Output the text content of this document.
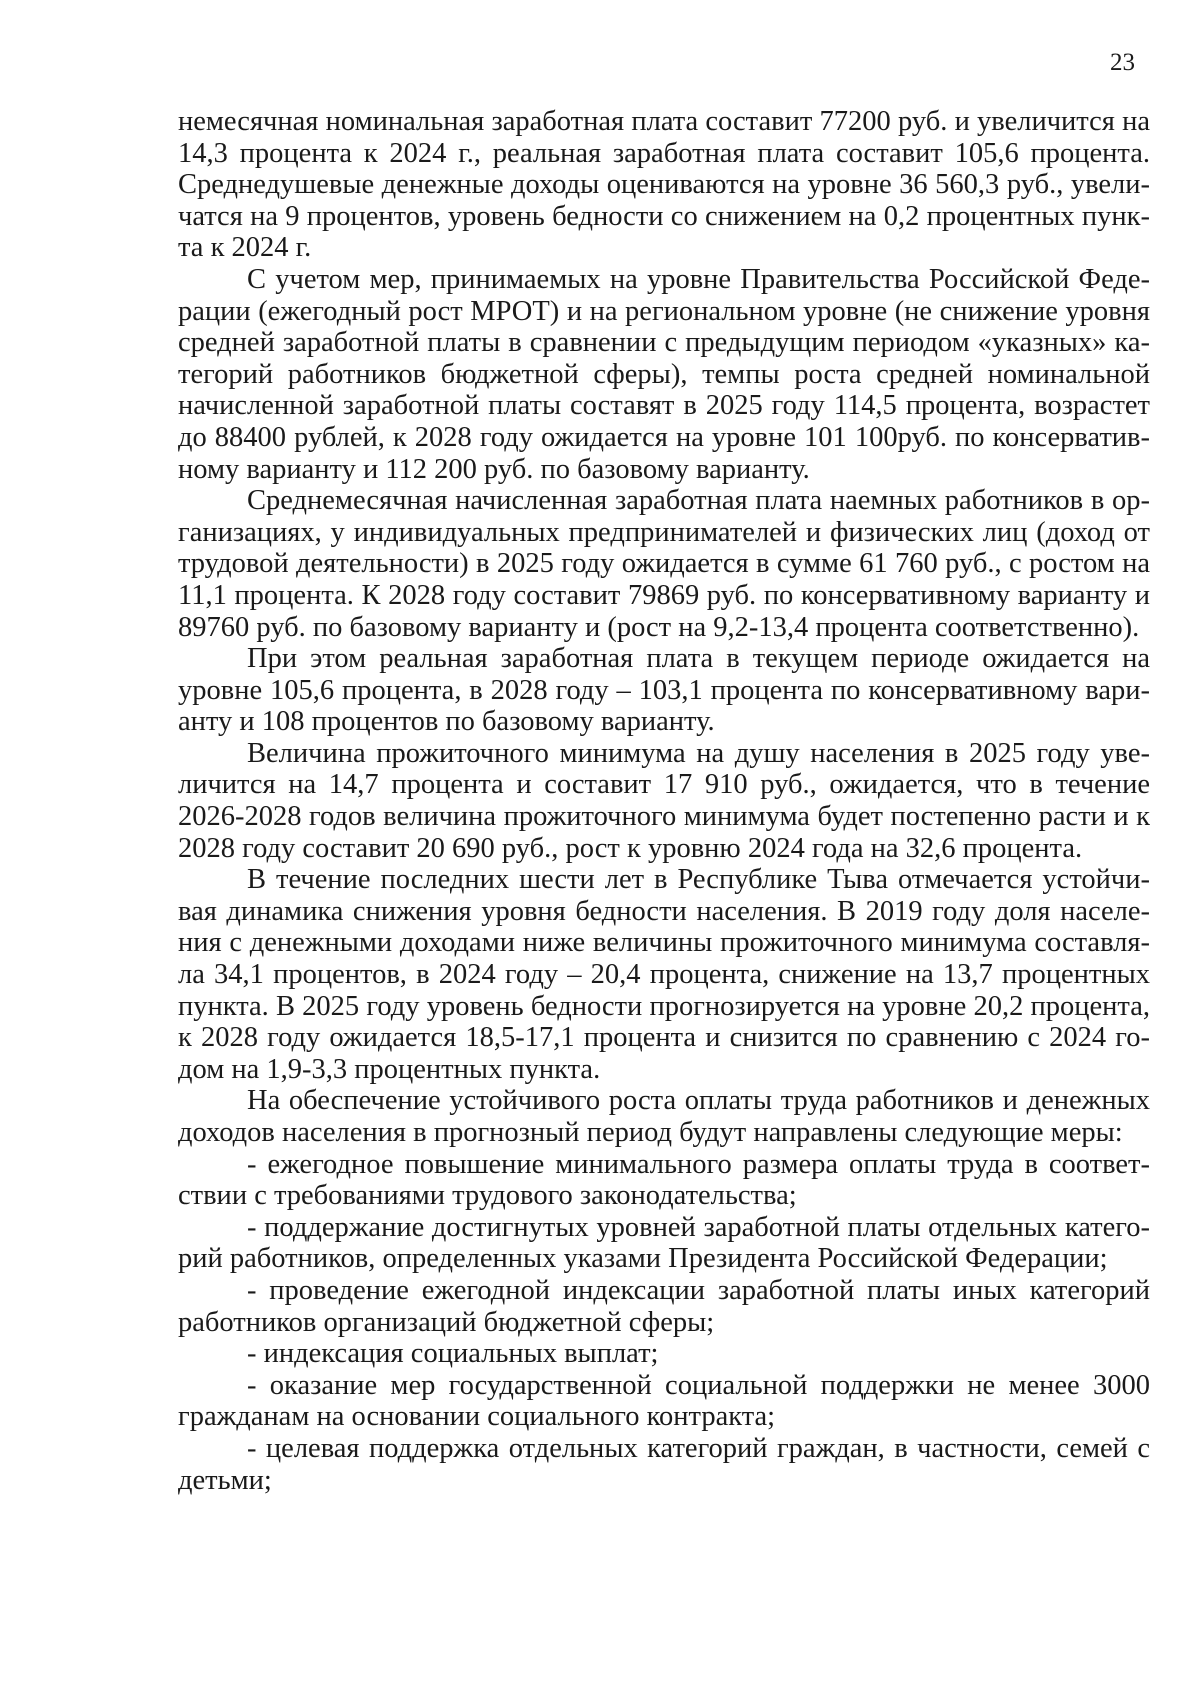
23

немесячная номинальная заработная плата составит 77200 руб. и увеличится на 14,3 процента к 2024 г., реальная заработная плата составит 105,6 процента. Среднедушевые денежные доходы оцениваются на уровне 36 560,3 руб., увеличатся на 9 процентов, уровень бедности со снижением на 0,2 процентных пункта к 2024 г.

С учетом мер, принимаемых на уровне Правительства Российской Федерации (ежегодный рост МРОТ) и на региональном уровне (не снижение уровня средней заработной платы в сравнении с предыдущим периодом «указных» категорий работников бюджетной сферы), темпы роста средней номинальной начисленной заработной платы составят в 2025 году 114,5 процента, возрастет до 88400 рублей, к 2028 году ожидается на уровне 101 100руб. по консервативному варианту и 112 200 руб. по базовому варианту.

Среднемесячная начисленная заработная плата наемных работников в организациях, у индивидуальных предпринимателей и физических лиц (доход от трудовой деятельности) в 2025 году ожидается в сумме 61 760 руб., с ростом на 11,1 процента. К 2028 году составит 79869 руб. по консервативному варианту и 89760 руб. по базовому варианту и (рост на 9,2-13,4 процента соответственно).

При этом реальная заработная плата в текущем периоде ожидается на уровне 105,6 процента, в 2028 году – 103,1 процента по консервативному варианту и 108 процентов по базовому варианту.

Величина прожиточного минимума на душу населения в 2025 году увеличится на 14,7 процента и составит 17 910 руб., ожидается, что в течение 2026-2028 годов величина прожиточного минимума будет постепенно расти и к 2028 году составит 20 690 руб., рост к уровню 2024 года на 32,6 процента.

В течение последних шести лет в Республике Тыва отмечается устойчивая динамика снижения уровня бедности населения. В 2019 году доля населения с денежными доходами ниже величины прожиточного минимума составляла 34,1 процентов, в 2024 году – 20,4 процента, снижение на 13,7 процентных пункта. В 2025 году уровень бедности прогнозируется на уровне 20,2 процента, к 2028 году ожидается 18,5-17,1 процента и снизится по сравнению с 2024 годом на 1,9-3,3 процентных пункта.

На обеспечение устойчивого роста оплаты труда работников и денежных доходов населения в прогнозный период будут направлены следующие меры:

- ежегодное повышение минимального размера оплаты труда в соответствии с требованиями трудового законодательства;

- поддержание достигнутых уровней заработной платы отдельных категорий работников, определенных указами Президента Российской Федерации;

- проведение ежегодной индексации заработной платы иных категорий работников организаций бюджетной сферы;

- индексация социальных выплат;

- оказание мер государственной социальной поддержки не менее 3000 гражданам на основании социального контракта;

- целевая поддержка отдельных категорий граждан, в частности, семей с детьми;
